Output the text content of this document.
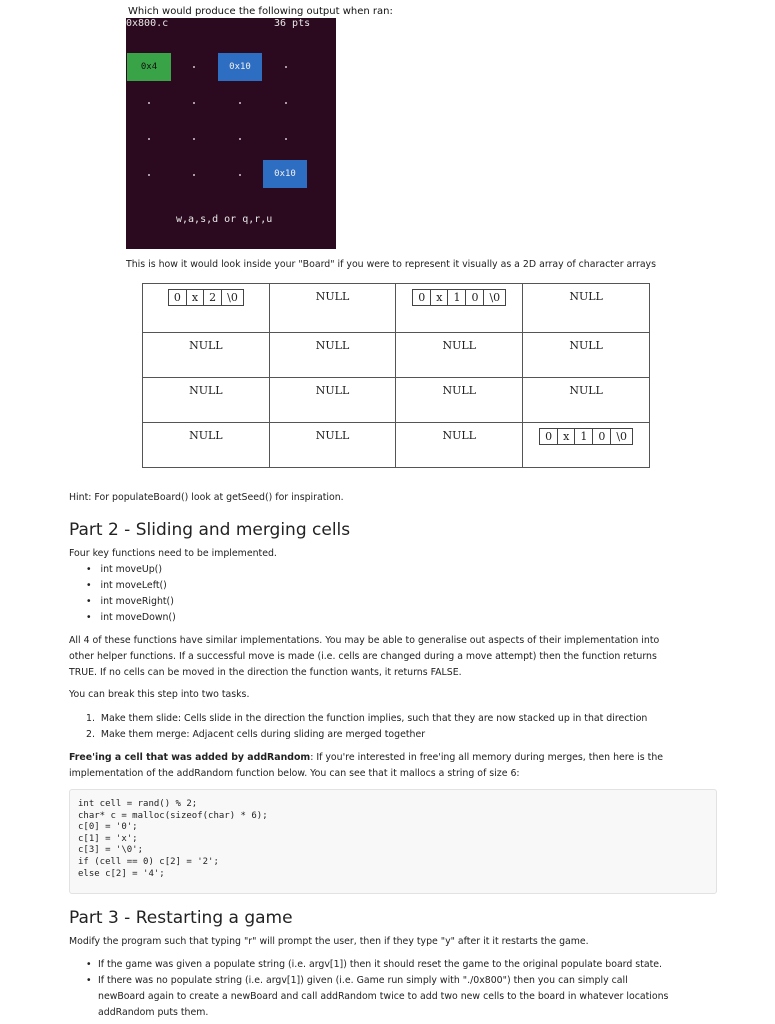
Which would produce the following output when ran:
0x800.c	36 pts
0x4	0x10
0x10
w,a,s,d or q,r,u
This is how it would look inside your "Board" if you were to represent it visually as a 2D array of character arrays
0 x 2 \0	NULL	0 x 1 0 \0	NULL

NULL	NULL	NULL	NULL

NULL	NULL	NULL	NULL

NULL	NULL	NULL	0 x 1 0 \0
Hint: For populateBoard() look at getSeed() for inspiration.
Part 2 - Sliding and merging cells
Four key functions need to be implemented.
•   int moveUp()
•   int moveLeft()
•   int moveRight()
•   int moveDown()
All 4 of these functions have similar implementations. You may be able to generalise out aspects of their implementation into
other helper functions. If a successful move is made (i.e. cells are changed during a move attempt) then the function returns
TRUE. If no cells can be moved in the direction the function wants, it returns FALSE.
You can break this step into two tasks.
1.  Make them slide: Cells slide in the direction the function implies, such that they are now stacked up in that direction
2.  Make them merge: Adjacent cells during sliding are merged together
Free'ing a cell that was added by addRandom: If you're interested in free'ing all memory during merges, then here is the
implementation of the addRandom function below. You can see that it mallocs a string of size 6:
int cell = rand() % 2;
char* c = malloc(sizeof(char) * 6);
c[0] = '0';
c[1] = 'x';
c[3] = '\0';
if (cell == 0) c[2] = '2';
else c[2] = '4';
Part 3 - Restarting a game
Modify the program such that typing "r" will prompt the user, then if they type "y" after it it restarts the game.
• If the game was given a populate string (i.e. argv[1]) then it should reset the game to the original populate board state.
• If there was no populate string (i.e. argv[1]) given (i.e. Game run simply with "./0x800") then you can simply call
newBoard again to create a newBoard and call addRandom twice to add two new cells to the board in whatever locations
addRandom puts them.
